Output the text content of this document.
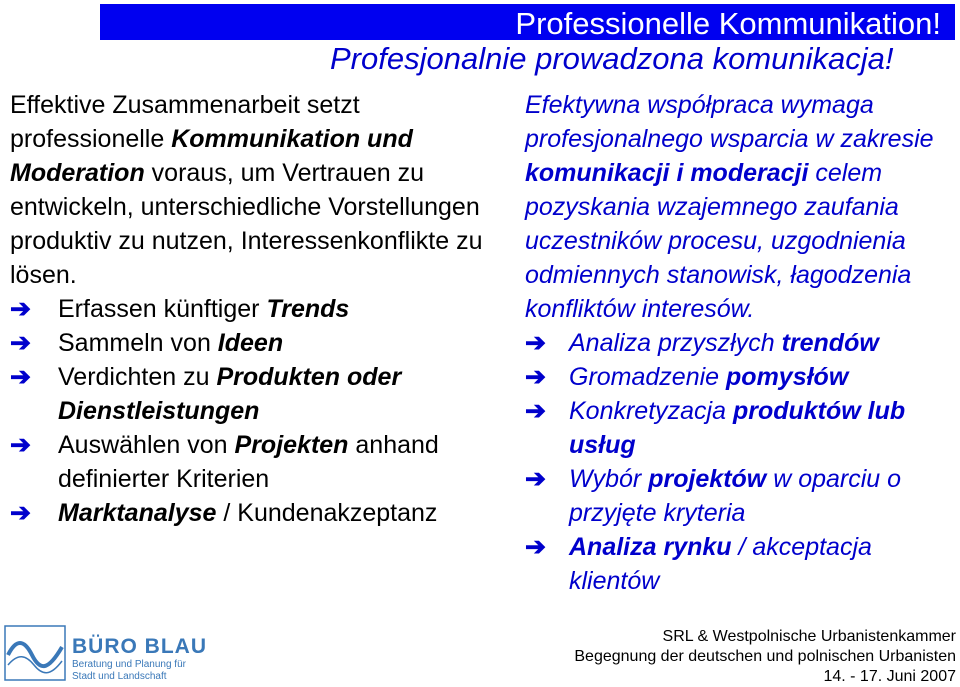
Professionelle Kommunikation!
Profesjonalnie prowadzona komunikacja!
Effektive Zusammenarbeit setzt professionelle Kommunikation und Moderation voraus, um Vertrauen zu entwickeln, unterschiedliche Vorstellungen produktiv zu nutzen, Interessenkonflikte zu lösen.
➔ Erfassen künftiger Trends
➔ Sammeln von Ideen
➔ Verdichten zu Produkten oder Dienstleistungen
➔ Auswählen von Projekten anhand definierter Kriterien
➔ Marktanalyse / Kundenakzeptanz
Efektywna współpraca wymaga profesjonalnego wsparcia w zakresie komunikacji i moderacji celem pozyskania wzajemnego zaufania uczestników procesu, uzgodnienia odmiennych stanowisk, łagodzenia konfliktów interesów.
➔ Analiza przyszłych trendów
➔ Gromadzenie pomysłów
➔ Konkretyzacja produktów lub usług
➔ Wybór projektów w oparciu o przyjęte kryteria
➔ Analiza rynku / akceptacja klientów
BÜRO BLAU
Beratung und Planung für
Stadt und Landschaft
SRL & Westpolnische Urbanistenkammer
Begegnung der deutschen und polnischen Urbanisten
14. - 17. Juni 2007
